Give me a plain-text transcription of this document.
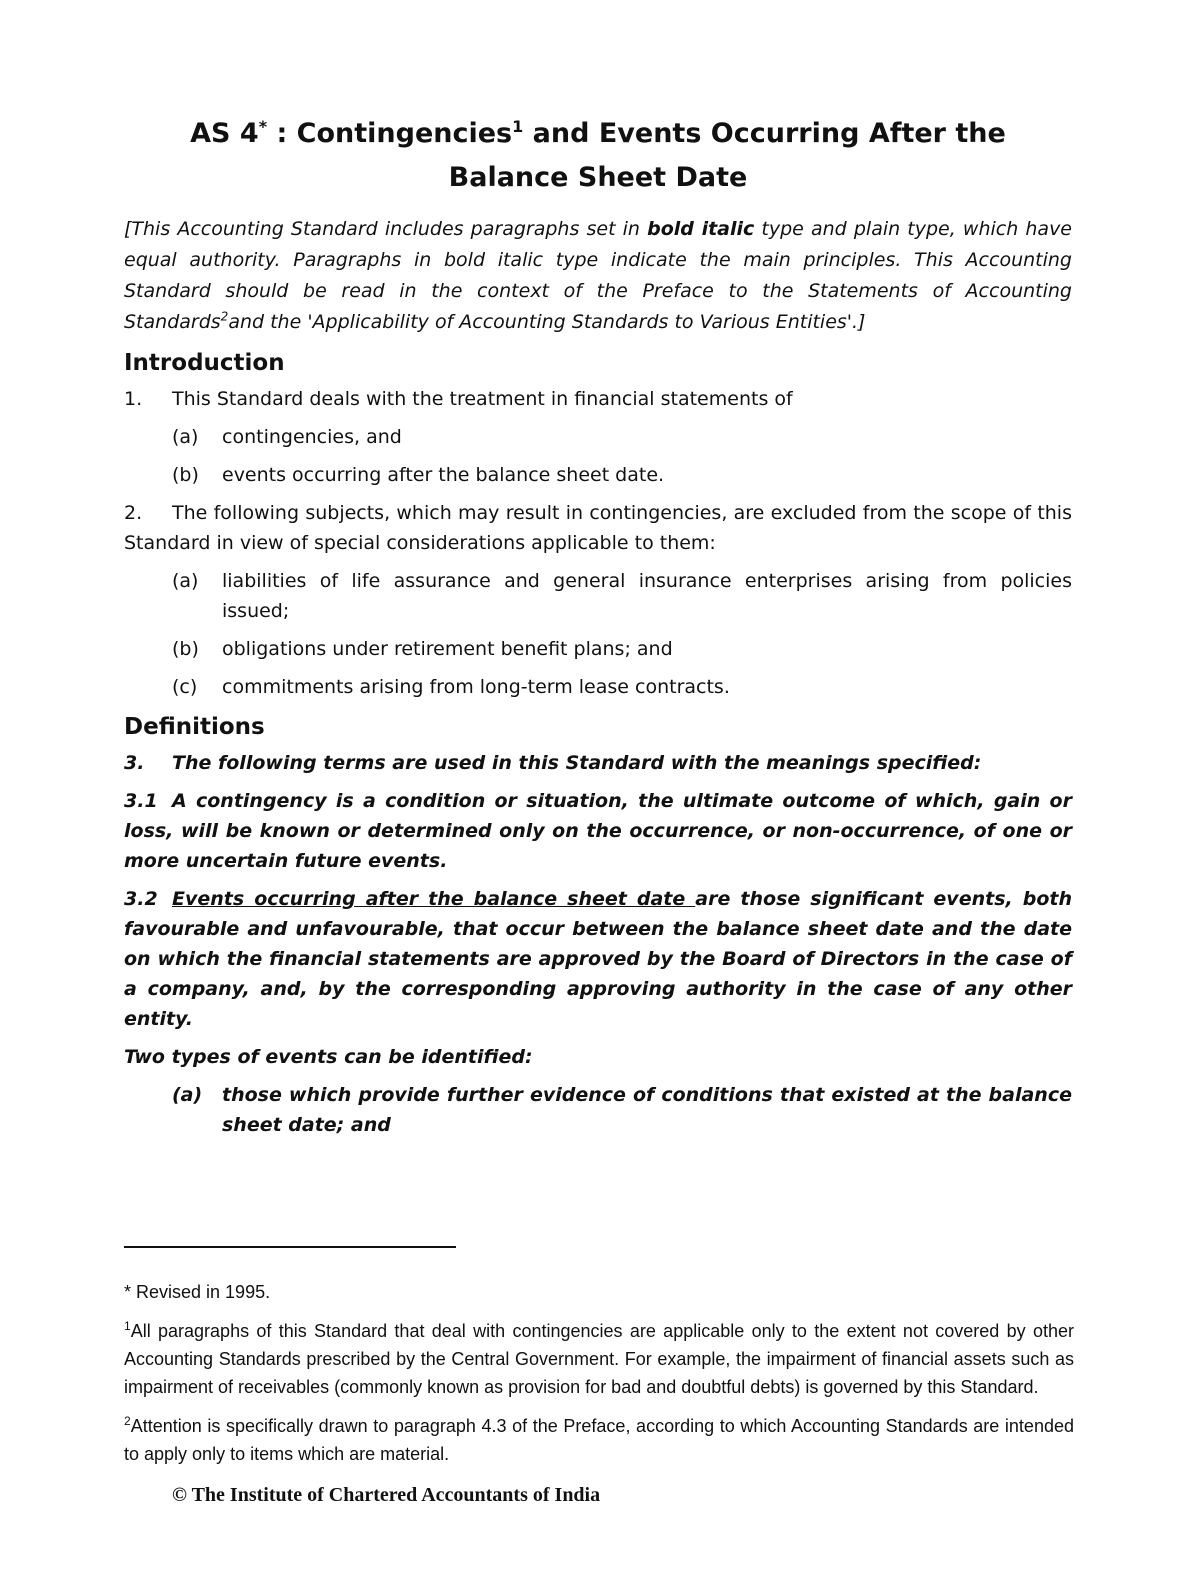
AS 4* : Contingencies$^1$ and Events Occurring After the
Balance Sheet Date

[This Accounting Standard includes paragraphs set in bold italic type and plain type, which have equal authority. Paragraphs in bold italic type indicate the main principles. This Accounting Standard should be read in the context of the Preface to the Statements of Accounting Standards$^2$and the 'Applicability of Accounting Standards to Various Entities'.]

Introduction

1. This Standard deals with the treatment in financial statements of

(a)	contingencies, and
(b)	events occurring after the balance sheet date.

2. The following subjects, which may result in contingencies, are excluded from the scope of this Standard in view of special considerations applicable to them:

(a)	liabilities of life assurance and general insurance enterprises arising from policies issued;
(b)	obligations under retirement benefit plans; and
(c)	commitments arising from long-term lease contracts.
Definitions

3. The following terms are used in this Standard with the meanings specified:

3.1 A contingency is a condition or situation, the ultimate outcome of which, gain or loss, will be known or determined only on the occurrence, or non-occurrence, of one or more uncertain future events.

3.2 Events occurring after the balance sheet date are those significant events, both favourable and unfavourable, that occur between the balance sheet date and the date on which the financial statements are approved by the Board of Directors in the case of a company, and, by the corresponding approving authority in the case of any other entity.

Two types of events can be identified:

(a)	those which provide further evidence of conditions that existed at the balance sheet date; and

* Revised in 1995.

$^1$All paragraphs of this Standard that deal with contingencies are applicable only to the extent not covered by other Accounting Standards prescribed by the Central Government. For example, the impairment of financial assets such as impairment of receivables (commonly known as provision for bad and doubtful debts) is governed by this Standard.

$^2$Attention is specifically drawn to paragraph 4.3 of the Preface, according to which Accounting Standards are intended to apply only to items which are material.

© The Institute of Chartered Accountants of India
